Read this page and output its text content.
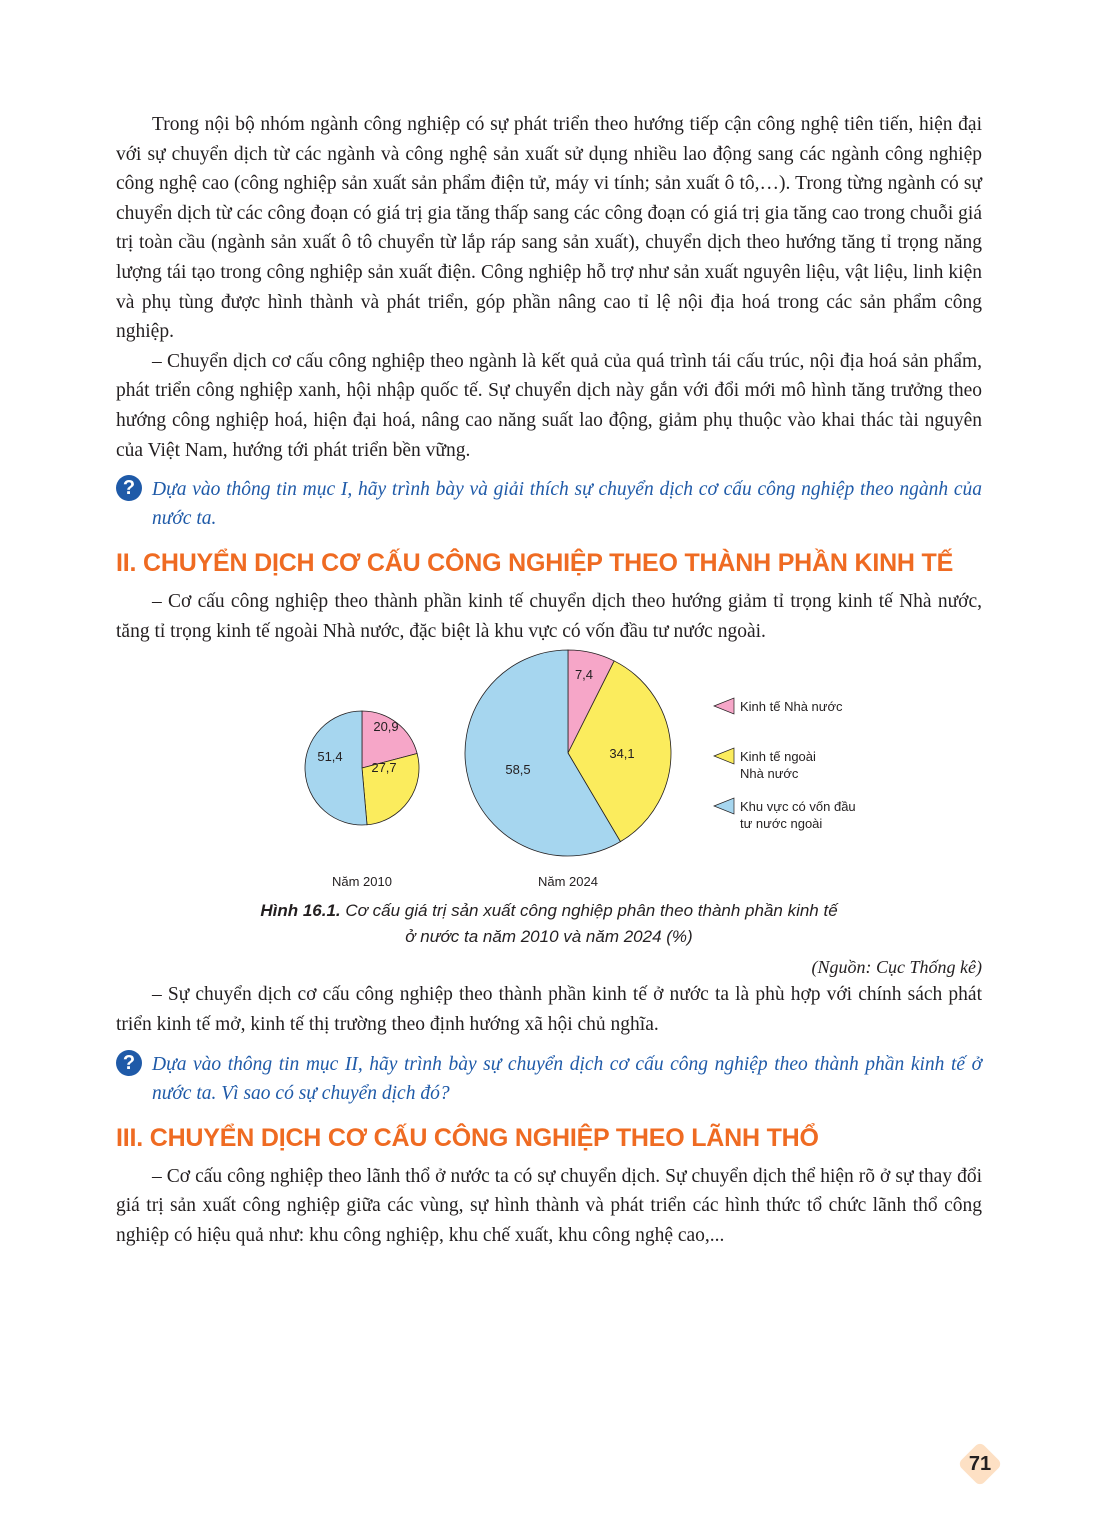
Trong nội bộ nhóm ngành công nghiệp có sự phát triển theo hướng tiếp cận công nghệ tiên tiến, hiện đại với sự chuyển dịch từ các ngành và công nghệ sản xuất sử dụng nhiều lao động sang các ngành công nghiệp công nghệ cao (công nghiệp sản xuất sản phẩm điện tử, máy vi tính; sản xuất ô tô,…). Trong từng ngành có sự chuyển dịch từ các công đoạn có giá trị gia tăng thấp sang các công đoạn có giá trị gia tăng cao trong chuỗi giá trị toàn cầu (ngành sản xuất ô tô chuyển từ lắp ráp sang sản xuất), chuyển dịch theo hướng tăng tỉ trọng năng lượng tái tạo trong công nghiệp sản xuất điện. Công nghiệp hỗ trợ như sản xuất nguyên liệu, vật liệu, linh kiện và phụ tùng được hình thành và phát triển, góp phần nâng cao tỉ lệ nội địa hoá trong các sản phẩm công nghiệp.

– Chuyển dịch cơ cấu công nghiệp theo ngành là kết quả của quá trình tái cấu trúc, nội địa hoá sản phẩm, phát triển công nghiệp xanh, hội nhập quốc tế. Sự chuyển dịch này gắn với đổi mới mô hình tăng trưởng theo hướng công nghiệp hoá, hiện đại hoá, nâng cao năng suất lao động, giảm phụ thuộc vào khai thác tài nguyên của Việt Nam, hướng tới phát triển bền vững.

? Dựa vào thông tin mục I, hãy trình bày và giải thích sự chuyển dịch cơ cấu công nghiệp theo ngành của nước ta.

II. CHUYỂN DỊCH CƠ CẤU CÔNG NGHIỆP THEO THÀNH PHẦN KINH TẾ

– Cơ cấu công nghiệp theo thành phần kinh tế chuyển dịch theo hướng giảm tỉ trọng kinh tế Nhà nước, tăng tỉ trọng kinh tế ngoài Nhà nước, đặc biệt là khu vực có vốn đầu tư nước ngoài.

20,9
27,7
51,4
Năm 2010
7,4
34,1
58,5
Năm 2024
Kinh tế Nhà nước
Kinh tế ngoài
Nhà nước
Khu vực có vốn đầu
tư nước ngoài
Hình 16.1. Cơ cấu giá trị sản xuất công nghiệp phân theo thành phần kinh tế
ở nước ta năm 2010 và năm 2024 (%)
(Nguồn: Cục Thống kê)

– Sự chuyển dịch cơ cấu công nghiệp theo thành phần kinh tế ở nước ta là phù hợp với chính sách phát triển kinh tế mở, kinh tế thị trường theo định hướng xã hội chủ nghĩa.

? Dựa vào thông tin mục II, hãy trình bày sự chuyển dịch cơ cấu công nghiệp theo thành phần kinh tế ở nước ta. Vì sao có sự chuyển dịch đó?

III. CHUYỂN DỊCH CƠ CẤU CÔNG NGHIỆP THEO LÃNH THỔ

– Cơ cấu công nghiệp theo lãnh thổ ở nước ta có sự chuyển dịch. Sự chuyển dịch thể hiện rõ ở sự thay đổi giá trị sản xuất công nghiệp giữa các vùng, sự hình thành và phát triển các hình thức tổ chức lãnh thổ công nghiệp có hiệu quả như: khu công nghiệp, khu chế xuất, khu công nghệ cao,...

71
